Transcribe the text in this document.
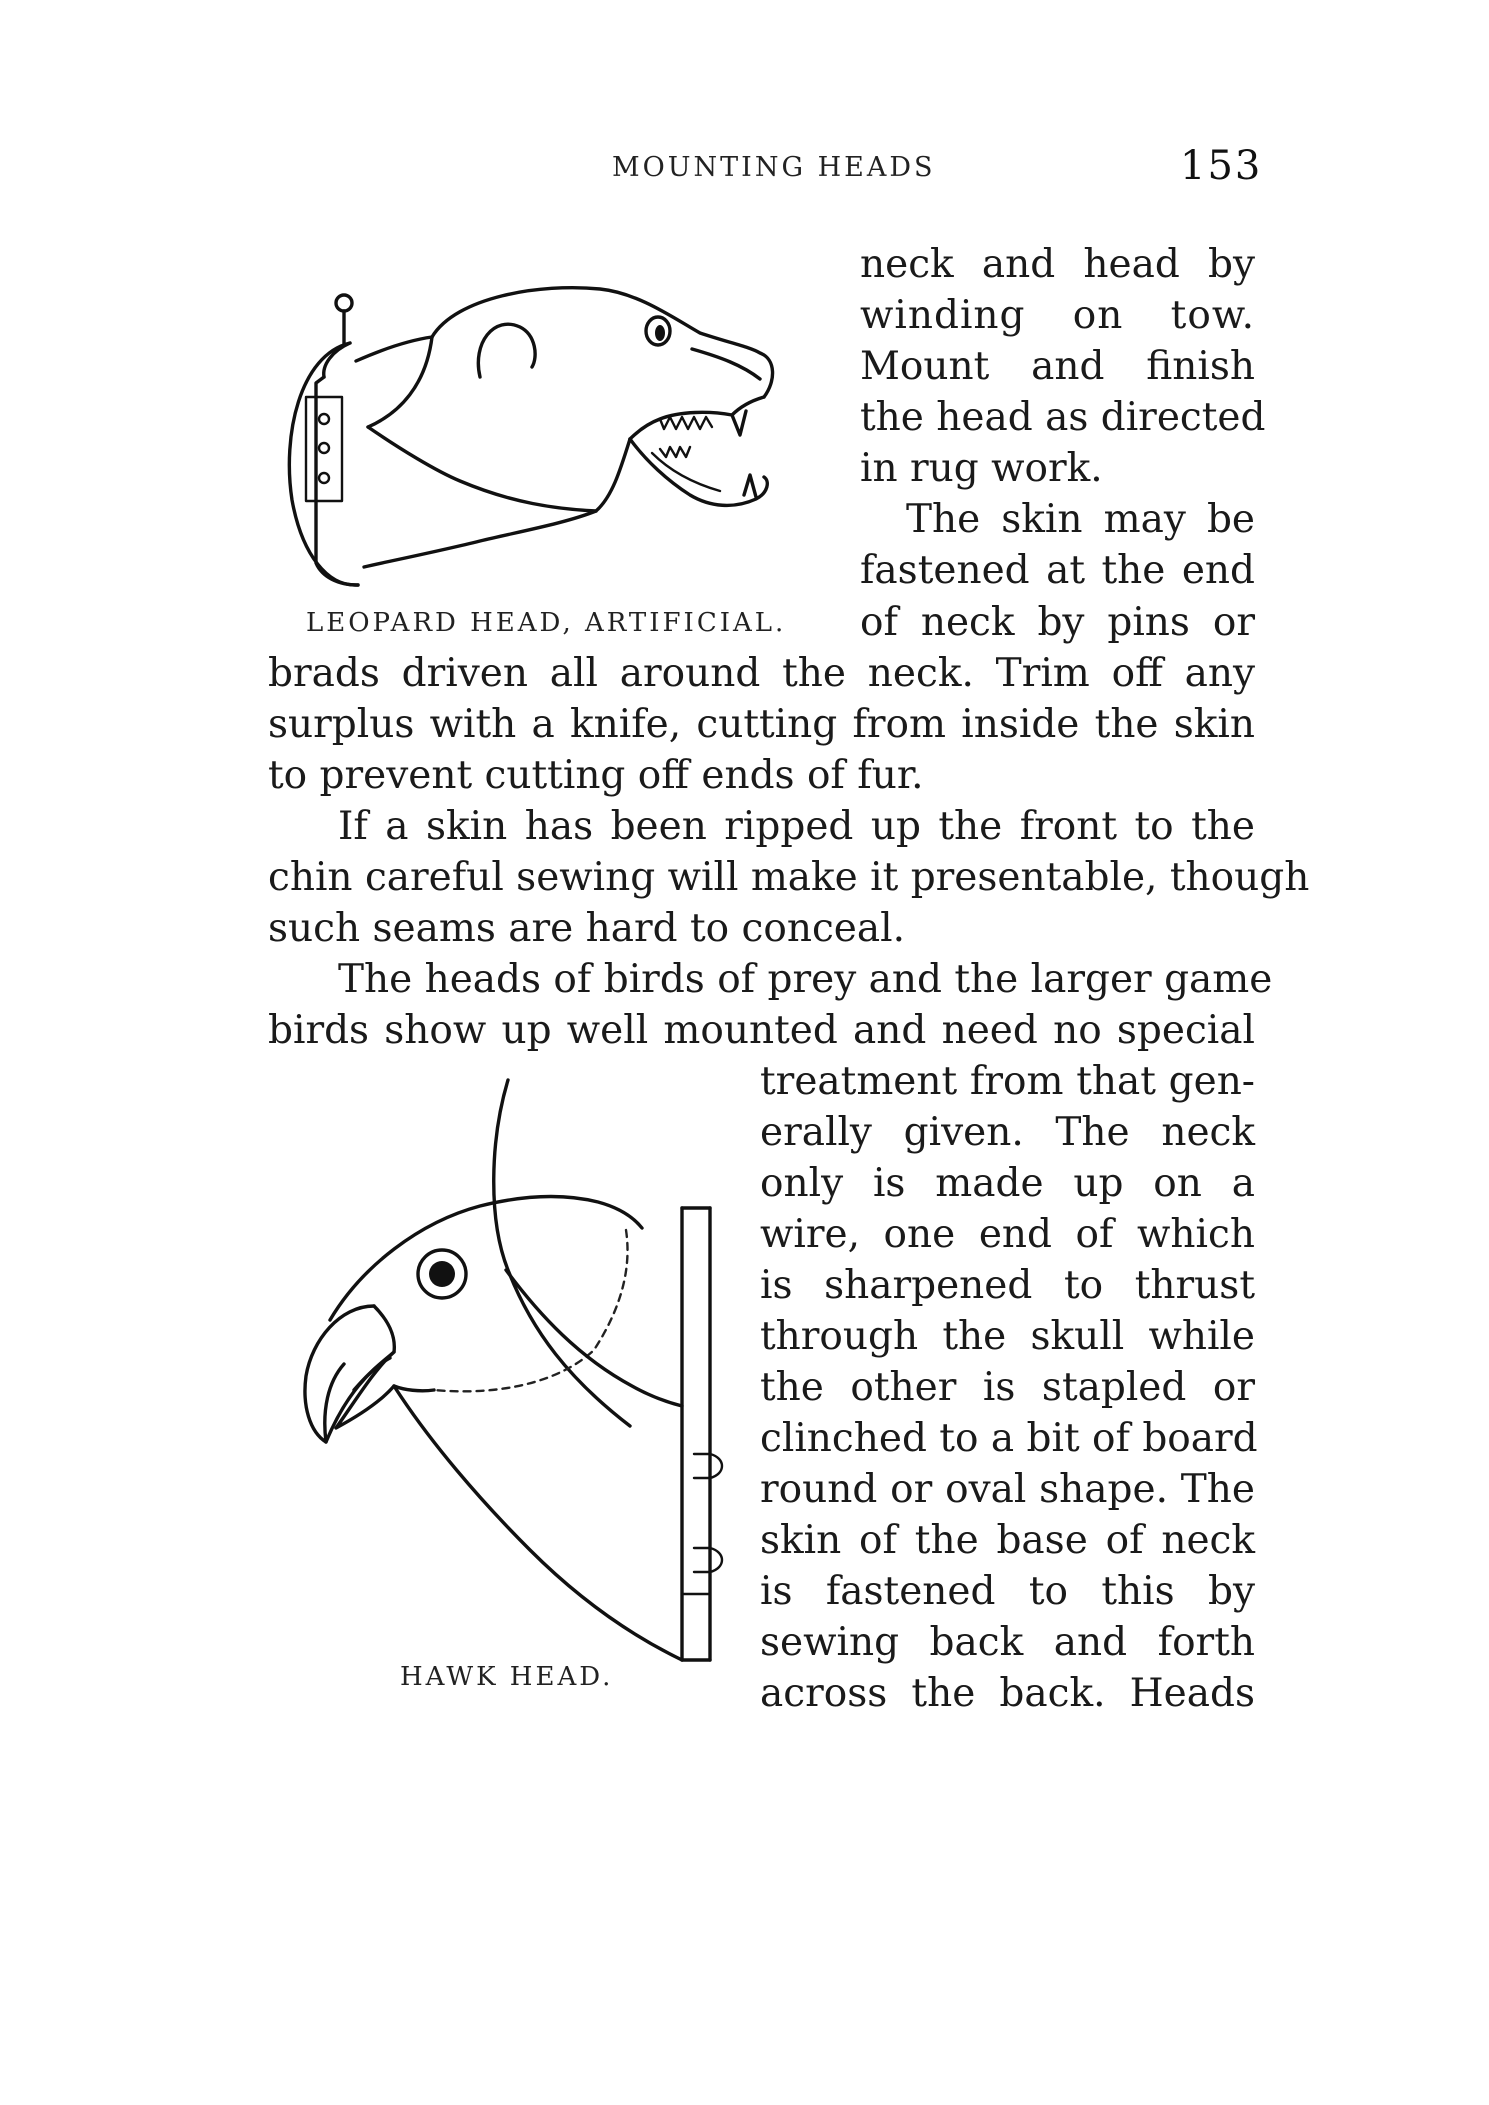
MOUNTING HEADS	153
LEOPARD HEAD, ARTIFICIAL.
HAWK HEAD.
neck and head by
winding on tow.
Mount and finish
the head as directed
in rug work.
The skin may be
fastened at the end
of neck by pins or
brads driven all around the neck. Trim off any
surplus with a knife, cutting from inside the skin
to prevent cutting off ends of fur.
If a skin has been ripped up the front to the
chin careful sewing will make it presentable, though
such seams are hard to conceal.
The heads of birds of prey and the larger game
birds show up well mounted and need no special
treatment from that gen-
erally given. The neck
only is made up on a
wire, one end of which
is sharpened to thrust
through the skull while
the other is stapled or
clinched to a bit of board
round or oval shape. The
skin of the base of neck
is fastened to this by
sewing back and forth
across the back. Heads
